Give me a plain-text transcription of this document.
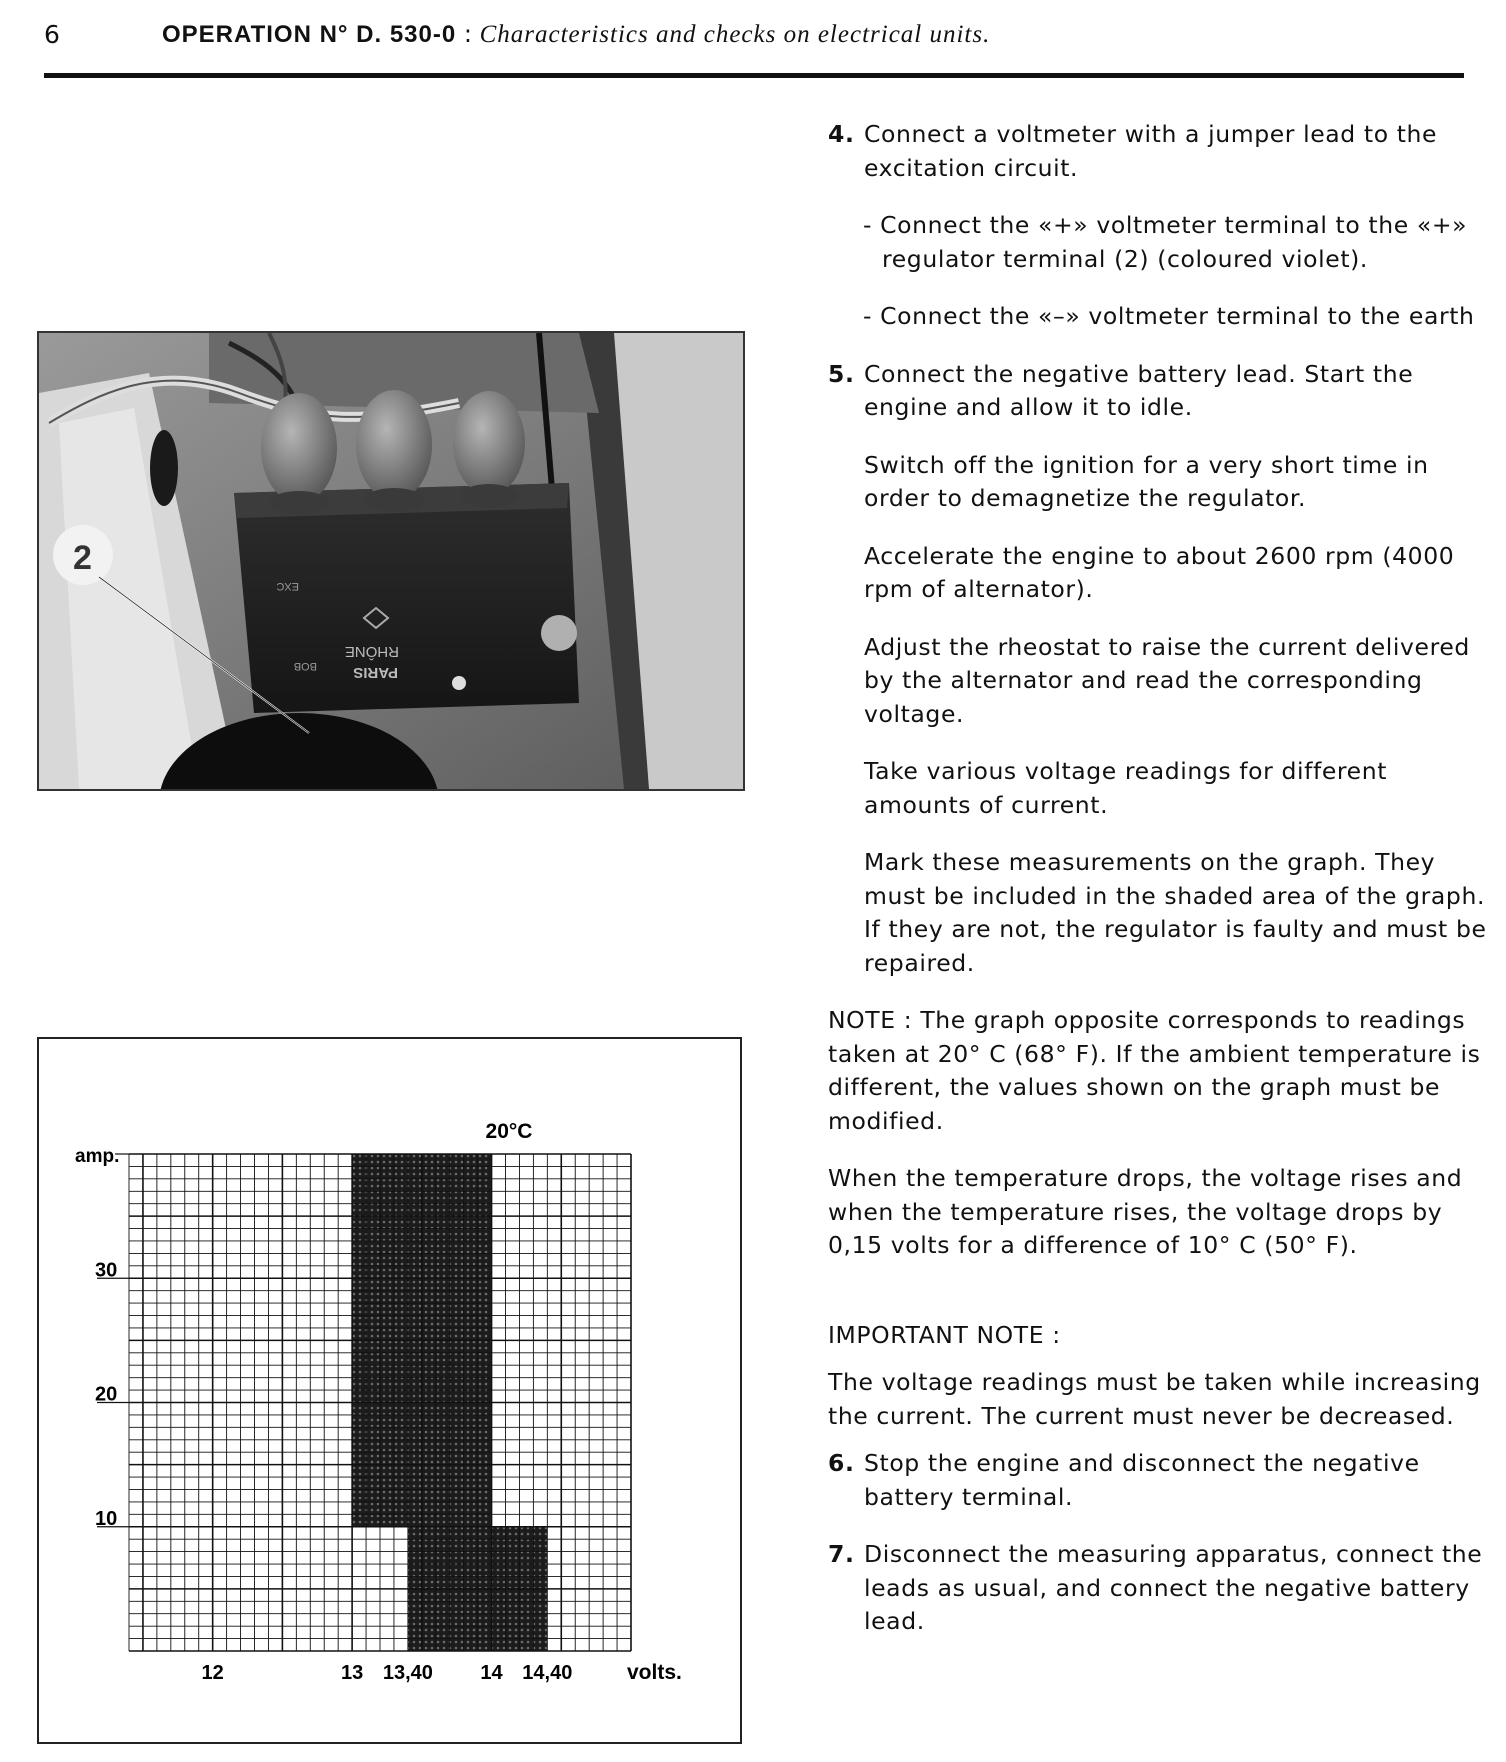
6	OPERATION N° D. 530-0 : Characteristics and checks on electrical units.
RHÔNE
PARIS
EXC
BOB
2
12	13 13,40 14 14,40
10
20
30
20°C
amp.
volts.
4. Connect a voltmeter with a jumper lead to the excitation circuit.

- Connect the «+» voltmeter terminal to the «+» regulator terminal (2) (coloured violet).

- Connect the «–» voltmeter terminal to the earth

5. Connect the negative battery lead. Start the engine and allow it to idle.

Switch off the ignition for a very short time in order to demagnetize the regulator.

Accelerate the engine to about 2600 rpm (4000 rpm of alternator).

Adjust the rheostat to raise the current delivered by the alternator and read the corresponding voltage.

Take various voltage readings for different amounts of current.

Mark these measurements on the graph. They must be included in the shaded area of the graph. If they are not, the regulator is faulty and must be repaired.

NOTE : The graph opposite corresponds to readings taken at 20° C (68° F). If the ambient temperature is different, the values shown on the graph must be modified.

When the temperature drops, the voltage rises and when the temperature rises, the voltage drops by 0,15 volts for a difference of 10° C (50° F).

IMPORTANT NOTE :

The voltage readings must be taken while increasing the current. The current must never be decreased.

6. Stop the engine and disconnect the negative battery terminal.
7. Disconnect the measuring apparatus, connect the leads as usual, and connect the negative battery lead.
